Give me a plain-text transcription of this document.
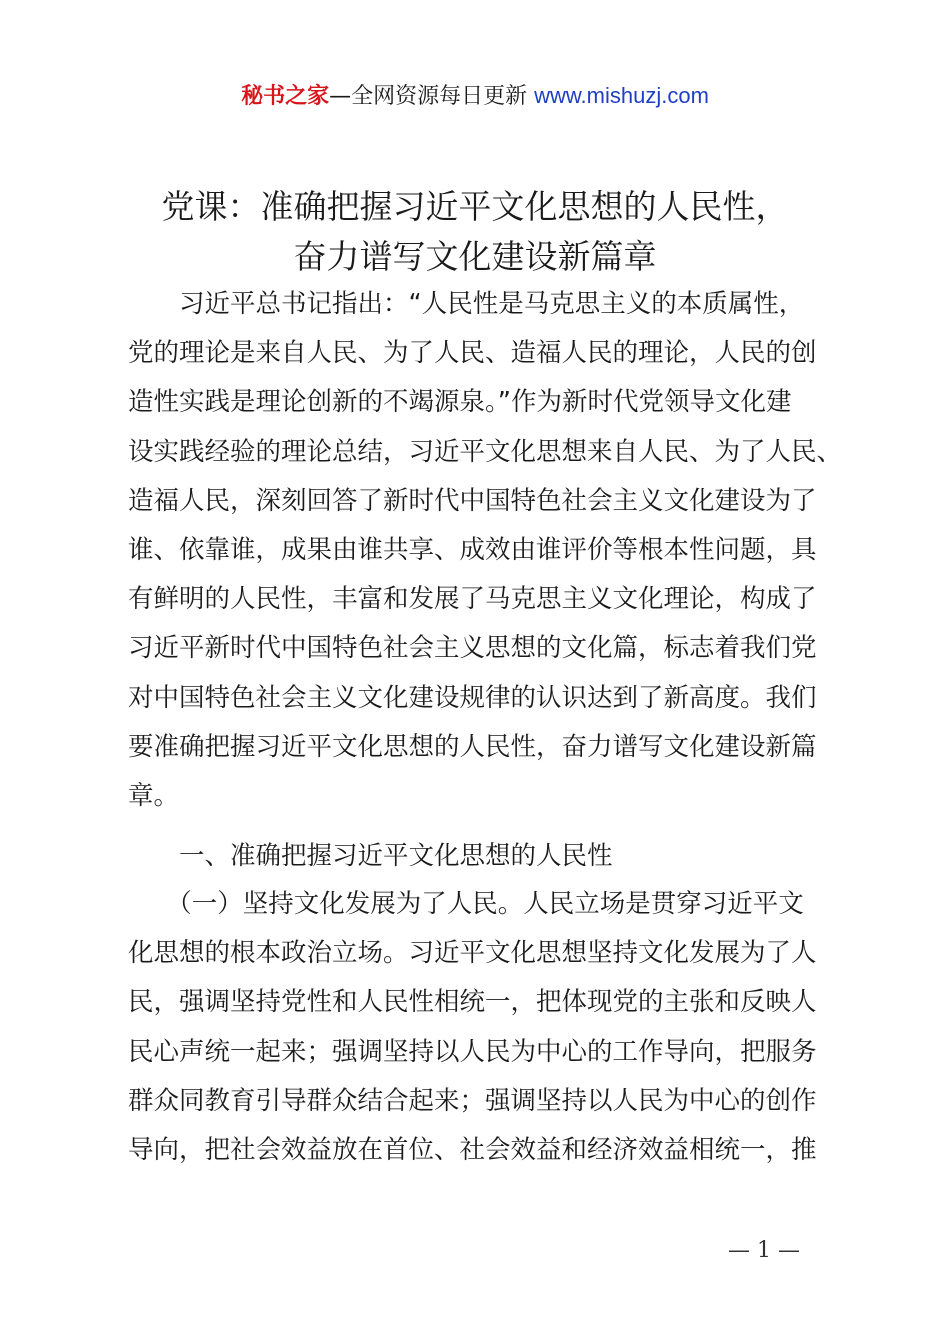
秘书之家—全网资源每日更新 www.mishuzj.com
党课：准确把握习近平文化思想的人民性，
奋力谱写文化建设新篇章
　　习近平总书记指出：“人民性是马克思主义的本质属性，
党的理论是来自人民、为了人民、造福人民的理论，人民的创
造性实践是理论创新的不竭源泉。”作为新时代党领导文化建
设实践经验的理论总结，习近平文化思想来自人民、为了人民、
造福人民，深刻回答了新时代中国特色社会主义文化建设为了
谁、依靠谁，成果由谁共享、成效由谁评价等根本性问题，具
有鲜明的人民性，丰富和发展了马克思主义文化理论，构成了
习近平新时代中国特色社会主义思想的文化篇，标志着我们党
对中国特色社会主义文化建设规律的认识达到了新高度。我们
要准确把握习近平文化思想的人民性，奋力谱写文化建设新篇
章。
　　一、准确把握习近平文化思想的人民性
　　（一）坚持文化发展为了人民。人民立场是贯穿习近平文
化思想的根本政治立场。习近平文化思想坚持文化发展为了人
民，强调坚持党性和人民性相统一，把体现党的主张和反映人
民心声统一起来；强调坚持以人民为中心的工作导向，把服务
群众同教育引导群众结合起来；强调坚持以人民为中心的创作
导向，把社会效益放在首位、社会效益和经济效益相统一，推
— 1 —
